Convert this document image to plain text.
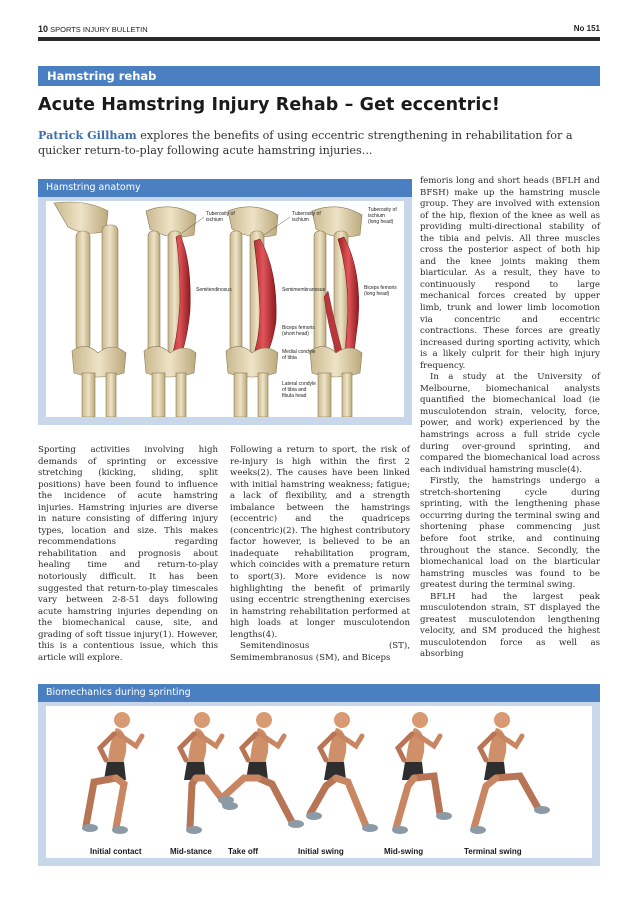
10 SPORTS INJURY BULLETIN	No 151
Hamstring rehab
Acute Hamstring Injury Rehab – Get eccentric!
Patrick Gillham explores the benefits of using eccentric strengthening in rehabilitation for a quicker return-to-play following acute hamstring injuries...
Hamstring anatomy
Tuberosity of
ischium
Tuberosity of
ischium
Tuberosity of
ischium
(long head)
Semitendinosus	Semimembranosus	Biceps femoris
(long head)
Biceps femoris
(short head)
Medial condyle
of tibia
Lateral condyle
of tibia and
fibula head

Sporting activities involving high demands of sprinting or excessive stretching (kicking, sliding, split positions) have been found to influence the incidence of acute hamstring injuries. Hamstring injuries are diverse in nature consisting of differing injury types, location and size. This makes recommendations regarding rehabilitation and prognosis about healing time and return-to-play notoriously difficult. It has been suggested that return-to-play timescales vary between 2-8-51 days following acute hamstring injuries depending on the biomechanical cause, site, and grading of soft tissue injury(1). However, this is a contentious issue, which this article will explore.

Following a return to sport, the risk of re-injury is high within the first 2 weeks(2). The causes have been linked with initial hamstring weakness; fatigue; a lack of flexibility, and a strength imbalance between the hamstrings (eccentric) and the quadriceps (concentric)(2). The highest contributory factor however, is believed to be an inadequate rehabilitation program, which coincides with a premature return to sport(3). More evidence is now highlighting the benefit of primarily using eccentric strengthening exercises in hamstring rehabilitation performed at high loads at longer musculotendon lengths(4).

Semitendinosus (ST), Semimembranosus (SM), and Biceps

femoris long and short heads (BFLH and BFSH) make up the hamstring muscle group. They are involved with extension of the hip, flexion of the knee as well as providing multi-directional stability of the tibia and pelvis. All three muscles cross the posterior aspect of both hip and the knee joints making them biarticular. As a result, they have to continuously respond to large mechanical forces created by upper limb, trunk and lower limb locomotion via concentric and eccentric contractions. These forces are greatly increased during sporting activity, which is a likely culprit for their high injury frequency.

In a study at the University of Melbourne, biomechanical analysts quantified the biomechanical load (ie musculotendon strain, velocity, force, power, and work) experienced by the hamstrings across a full stride cycle during over-ground sprinting, and compared the biomechanical load across each individual hamstring muscle(4).

Firstly, the hamstrings undergo a stretch-shortening cycle during sprinting, with the lengthening phase occurring during the terminal swing and shortening phase commencing just before foot strike, and continuing throughout the stance. Secondly, the biomechanical load on the biarticular hamstring muscles was found to be greatest during the terminal swing.

BFLH had the largest peak musculotendon strain, ST displayed the greatest musculotendon lengthening velocity, and SM produced the highest musculotendon force as well as absorbing

Biomechanics during sprinting
Initial contact	Mid-stance Take off	Initial swing	Mid-swing	Terminal swing
